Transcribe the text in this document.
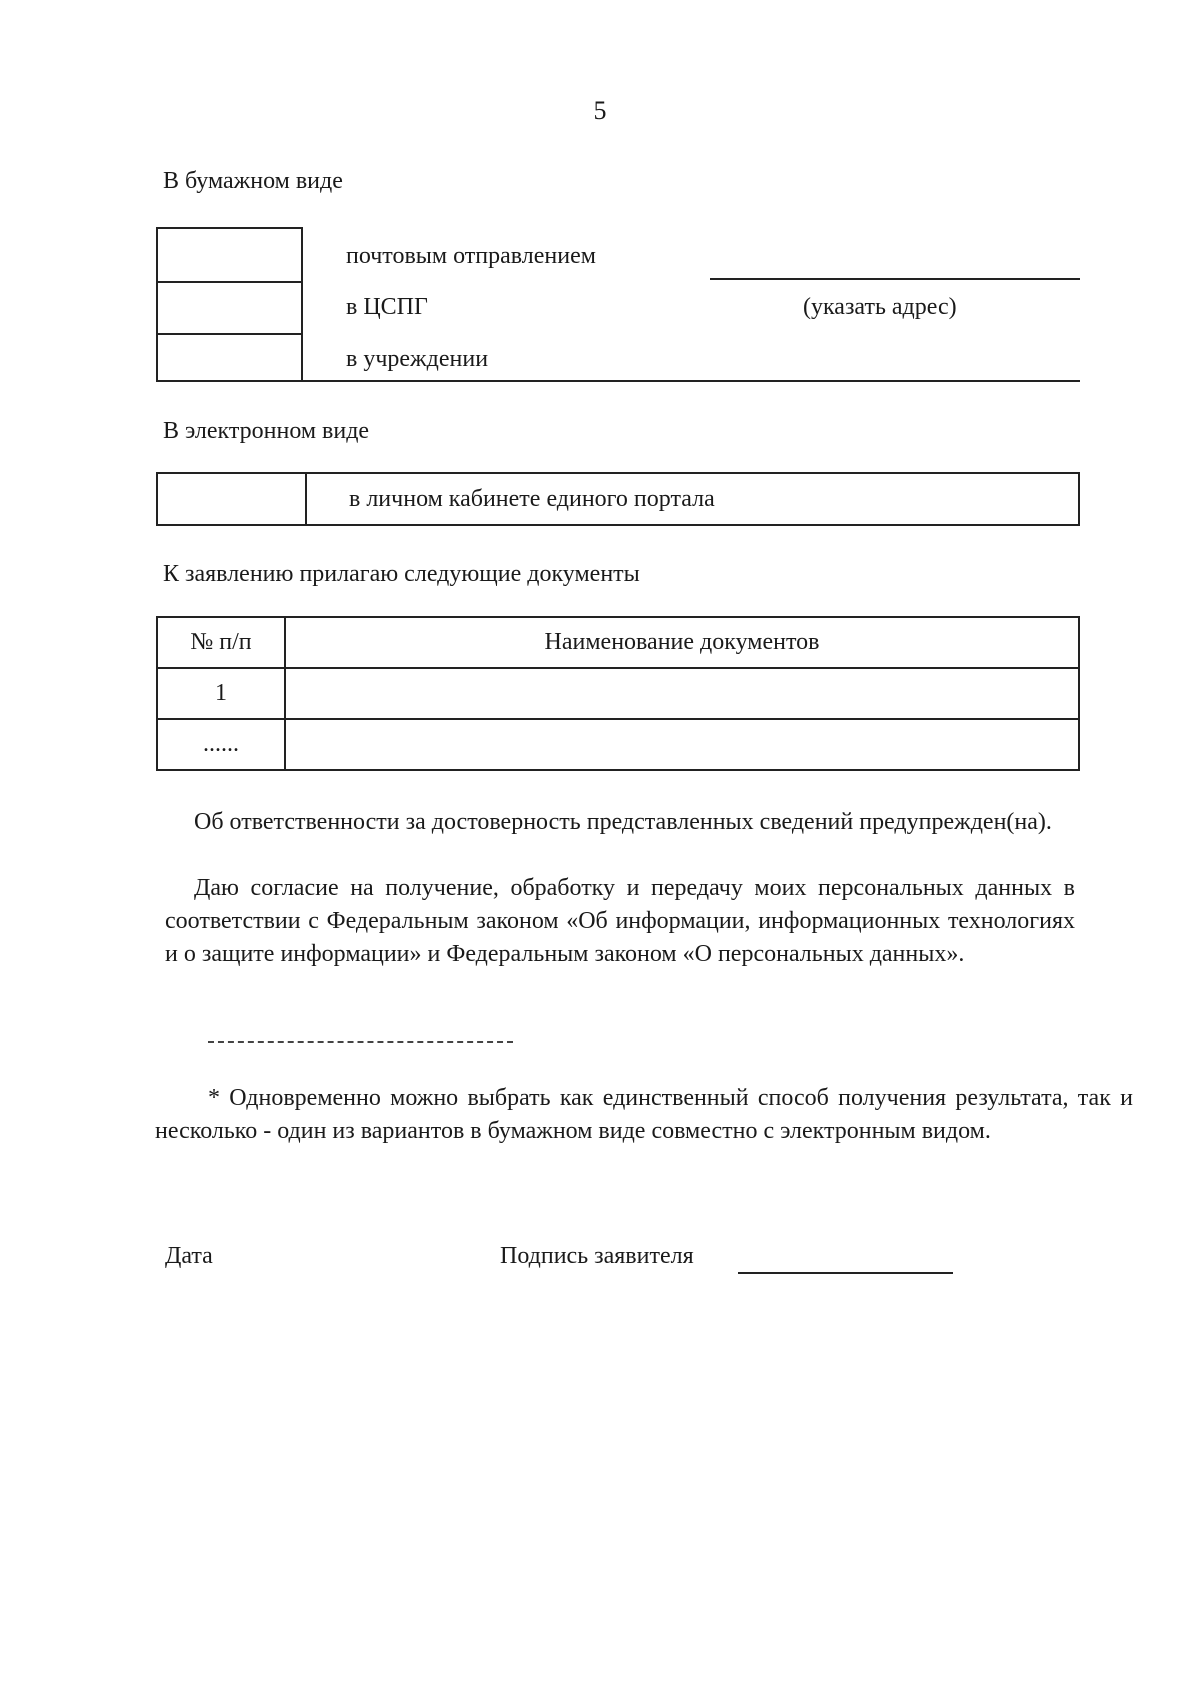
5
В бумажном виде
почтовым отправлением
в ЦСПГ
в учреждении
(указать адрес)
В электронном виде
в личном кабинете единого портала
К заявлению прилагаю следующие документы
№ п/п	Наименование документов
1	
......	
Об ответственности за достоверность представленных сведений предупрежден(на).
Даю согласие на получение, обработку и передачу моих персональных данных в соответствии с Федеральным законом «Об информации, информационных технологиях и о защите информации» и Федеральным законом «О персональных данных».
* Одновременно можно выбрать как единственный способ получения результата, так и несколько - один из вариантов в бумажном виде совместно с электронным видом.
Дата	Подпись заявителя
